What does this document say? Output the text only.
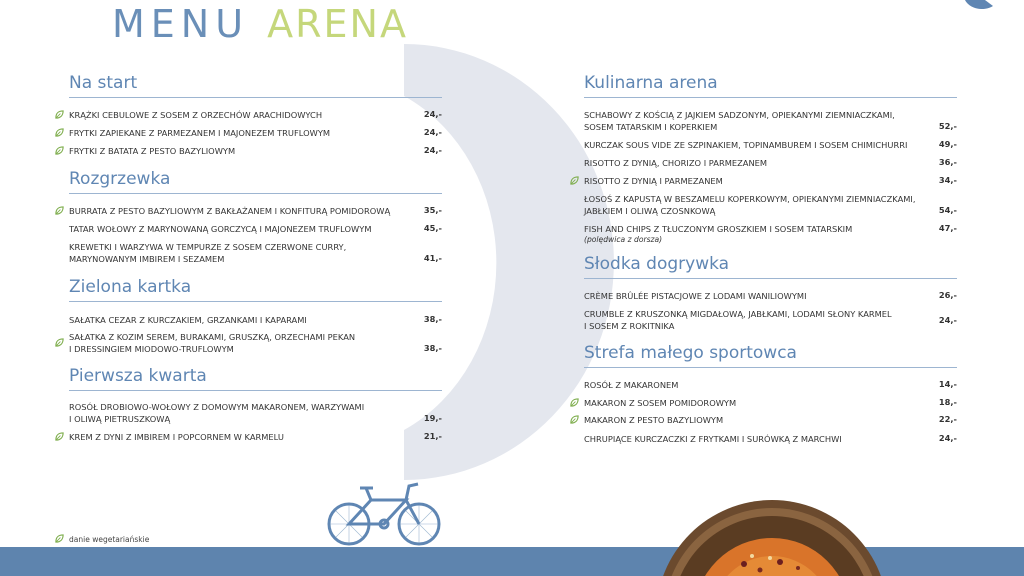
MENU ARENA
Na start
KRĄŻKI CEBULOWE Z SOSEM Z ORZECHÓW ARACHIDOWYCH	24,-
FRYTKI ZAPIEKANE Z PARMEZANEM I MAJONEZEM TRUFLOWYM	24,-
FRYTKI Z BATATA Z PESTO BAZYLIOWYM	24,-
Rozgrzewka
BURRATA Z PESTO BAZYLIOWYM Z BAKŁAŻANEM I KONFITURĄ POMIDOROWĄ	35,-
TATAR WOŁOWY Z MARYNOWANĄ GORCZYCĄ I MAJONEZEM TRUFLOWYM	45,-
KREWETKI I WARZYWA W TEMPURZE Z SOSEM CZERWONE CURRY,
MARYNOWANYM IMBIREM I SEZAMEM	41,-
Zielona kartka
SAŁATKA CEZAR Z KURCZAKIEM, GRZANKAMI I KAPARAMI	38,-
SAŁATKA Z KOZIM SEREM, BURAKAMI, GRUSZKĄ, ORZECHAMI PEKAN
I DRESSINGIEM MIODOWO-TRUFLOWYM	38,-
Pierwsza kwarta
ROSÓŁ DROBIOWO-WOŁOWY Z DOMOWYM MAKARONEM, WARZYWAMI
I OLIWĄ PIETRUSZKOWĄ	19,-
KREM Z DYNI Z IMBIREM I POPCORNEM W KARMELU	21,-
Kulinarna arena
SCHABOWY Z KOŚCIĄ Z JAJKIEM SADZONYM, OPIEKANYMI ZIEMNIACZKAMI,
SOSEM TATARSKIM I KOPERKIEM	52,-
KURCZAK SOUS VIDE ZE SZPINAKIEM, TOPINAMBUREM I SOSEM CHIMICHURRI	49,-
RISOTTO Z DYNIĄ, CHORIZO I PARMEZANEM	36,-
RISOTTO Z DYNIĄ I PARMEZANEM	34,-
ŁOSOŚ Z KAPUSTĄ W BESZAMELU KOPERKOWYM, OPIEKANYMI ZIEMNIACZKAMI,
JABŁKIEM I OLIWĄ CZOSNKOWĄ	54,-
FISH AND CHIPS Z TŁUCZONYM GROSZKIEM I SOSEM TATARSKIM
(polędwica z dorsza)
47,-
Słodka dogrywka
CRÈME BRÛLÉE PISTACJOWE Z LODAMI WANILIOWYMI	26,-
CRUMBLE Z KRUSZONKĄ MIGDAŁOWĄ, JABŁKAMI, LODAMI SŁONY KARMEL
I SOSEM Z ROKITNIKA
24,-
Strefa małego sportowca
ROSÓŁ Z MAKARONEM	14,-
MAKARON Z SOSEM POMIDOROWYM	18,-
MAKARON Z PESTO BAZYLIOWYM	22,-
CHRUPIĄCE KURCZACZKI Z FRYTKAMI I SURÓWKĄ Z MARCHWI	24,-
danie wegetariańskie
